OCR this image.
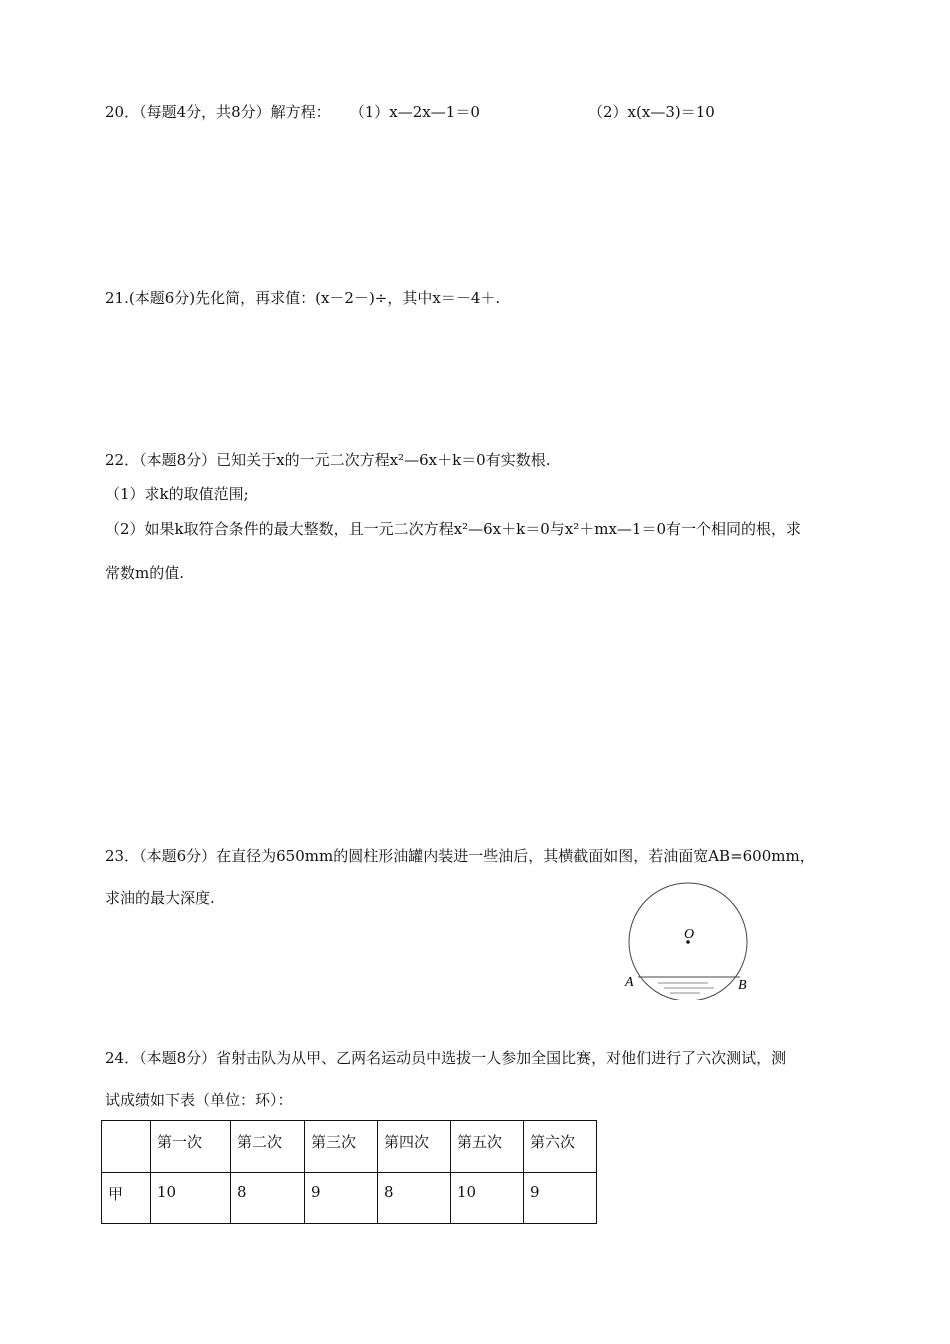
20．（每题4分，共8分）解方程： （1）x—2x—1＝0	（2）x(x—3)＝10
21.(本题6分)先化简，再求值：(x－2－)÷，其中x＝－4＋.
22．（本题8分）已知关于x的一元二次方程x²—6x＋k＝0有实数根.
（1）求k的取值范围;
（2）如果k取符合条件的最大整数，且一元二次方程x²—6x＋k＝0与x²＋mx—1＝0有一个相同的根，求
常数m的值.
23．（本题6分）在直径为650mm的圆柱形油罐内装进一些油后，其横截面如图，若油面宽AB=600mm，
求油的最大深度.
O
A	B
24．（本题8分）省射击队为从甲、乙两名运动员中选拔一人参加全国比赛，对他们进行了六次测试，测
试成绩如下表（单位：环）：
	第一次	第二次	第三次	第四次	第五次	第六次
甲	10	8	9	8	10	9
